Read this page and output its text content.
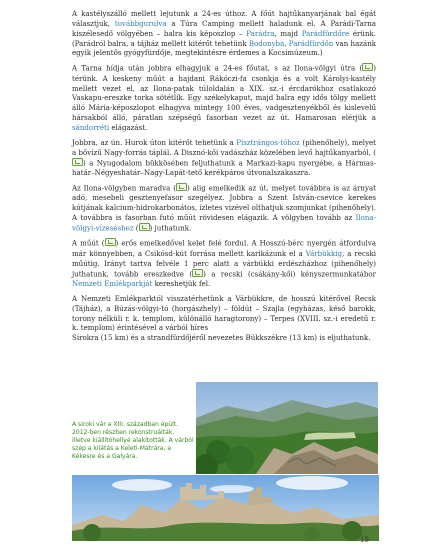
A kastélyszálló mellett lejutunk a 24-es úthoz. A főút hajtűkanyarjának bal égát választjuk, továbbgurulva a Túra Camping mellett haladunk el. A Parádi-Tarna kiszélesedő völgyében – balra kis képoszlop – Parádra, majd Parádfürdőre érünk. (Parádról balra, a tájház mellett kitérőt tehetünk Bodonyba, Parádfürdőn van hazánk egyik jelentős gyógyfürdője, megtekintésre érdemes a Kocsimúzeum.)

A Tarna hídja után jobbra elhagyjuk a 24-es főutat, s az Ilona-völgyi útra ( ) térünk. A keskeny műút a hajdani Rákóczi-fa csonkja és a volt Károlyi-kastély mellett vezet el, az Ilona-patak túloldalán a XIX. sz.-i ércdarókhoz csatlakozó Vaskapu-ereszke torka sötétlik. Egy székelykaput, majd balra egy idős tölgy mellett álló Mária-képoszlopot elhagyva mintegy 100 éves, vadgesztenyékből és kislevelű hársakból álló, páratlan szépségű fasorban vezet az út. Hamarosan elérjük a sándorréti elágazást.

Jobbra, az ún. Hurok úton kitérőt tehetünk a Pisztrángos-tóhoz (pihenőhely), melyet a bővizű Nagy-forrás táplál. A Disznó-kői vadászház közelében levő hajtűkanyarból, () a Nyugodalom bükkösében feljuthatunk a Markazi-kapu nyergébe, a Hármas-határ–Négyeshatár–Nagy-Lapát-tető kerékpáros útvonalszakaszra.

Az Ilona-völgyben maradva ( ) alig emelkedik az út, melyet továbbra is az árnyat adó, mesebeli gesztenyefasor szegélyez. Jobbra a Szent István-csevice kerekes kútjának kalcium-hidrokarbonátos, ízletes vizével olthatjuk szomjunkat (pihenőhely). A továbbra is fasorban futó műút rövidesen elágazik. A völgyben tovább az Ilona-völgyi-vízeséshez ( ) juthatunk.

A műút ( ) erős emelkedővel kelet felé fordul. A Hosszú-bérc nyergén átfordulva már könnyebben, a Csikósd-kút forrása mellett karikázunk el a Várbükkig, a recski műútig. Irányt tartva felvéle 1 perc alatt a várbükki erdészházhoz (pihenőhely) juthatunk, tovább ereszkedve ( ) a recski (csákány-kői) kényszermunkatábor Nemzeti Emlékparkját kereshetjük fel.

A Nemzeti Emlékparktól visszatérhetünk a Várbükkre, de hosszú kitérővel Recsk (Tájház), a Búzás-völgyi-tó (horgászhely) – földút – Szajla (egyházas, késő barokk, torony nélküli r. k. templom, különálló haragtorony) – Terpes (XVIII. sz.-i eredetű r. k. templom) érintésével a várból híres
Sirokra (15 km) és a strandfürdőjéről nevezetes Bükkszékre (13 km) is eljuthatunk.

A siroki vár a XIII. században épült. 2012-ben részben rekonstruálták, illetve kiállítóhellyé alakították. A várból szép a kilátás a Keleti-Mátrára, a Kékesre és a Galyára.
19
